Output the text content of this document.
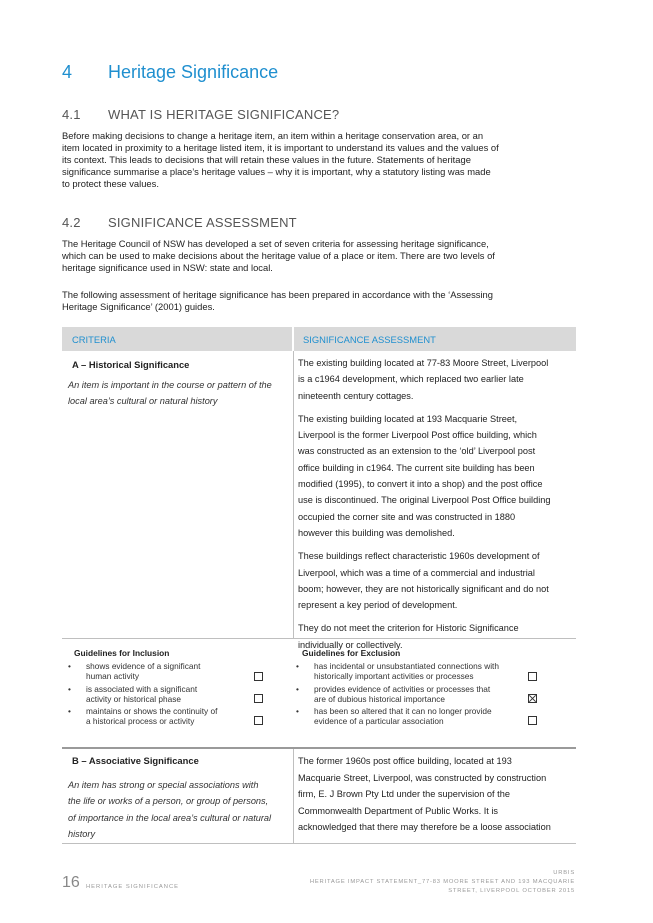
4 Heritage Significance
4.1 WHAT IS HERITAGE SIGNIFICANCE?
Before making decisions to change a heritage item, an item within a heritage conservation area, or an
item located in proximity to a heritage listed item, it is important to understand its values and the values of
its context. This leads to decisions that will retain these values in the future. Statements of heritage
significance summarise a place’s heritage values – why it is important, why a statutory listing was made
to protect these values.
4.2 SIGNIFICANCE ASSESSMENT
The Heritage Council of NSW has developed a set of seven criteria for assessing heritage significance,
which can be used to make decisions about the heritage value of a place or item. There are two levels of
heritage significance used in NSW: state and local.
The following assessment of heritage significance has been prepared in accordance with the ‘Assessing
Heritage Significance’ (2001) guides.
CRITERIA	SIGNIFICANCE ASSESSMENT
A – Historical Significance
An item is important in the course or pattern of the
local area’s cultural or natural history

The existing building located at 77-83 Moore Street, Liverpool
is a c1964 development, which replaced two earlier late
nineteenth century cottages.

The existing building located at 193 Macquarie Street,
Liverpool is the former Liverpool Post office building, which
was constructed as an extension to the ‘old’ Liverpool post
office building in c1964. The current site building has been
modified (1995), to convert it into a shop) and the post office
use is discontinued. The original Liverpool Post Office building
occupied the corner site and was constructed in 1880
however this building was demolished.

These buildings reflect characteristic 1960s development of
Liverpool, which was a time of a commercial and industrial
boom; however, they are not historically significant and do not
represent a key period of development.

They do not meet the criterion for Historic Significance
individually or collectively.

Guidelines for Inclusion
• shows evidence of a significant
human activity
• is associated with a significant
activity or historical phase
• maintains or shows the continuity of
a historical process or activity
Guidelines for Exclusion
• has incidental or unsubstantiated connections with
historically important activities or processes
• provides evidence of activities or processes that
are of dubious historical importance
• has been so altered that it can no longer provide
evidence of a particular association
B – Associative Significance
An item has strong or special associations with
the life or works of a person, or group of persons,
of importance in the local area’s cultural or natural
history
The former 1960s post office building, located at 193
Macquarie Street, Liverpool, was constructed by construction
firm, E. J Brown Pty Ltd under the supervision of the
Commonwealth Department of Public Works. It is
acknowledged that there may therefore be a loose association
16 HERITAGE SIGNIFICANCE
URBIS
HERITAGE IMPACT STATEMENT_77-83 MOORE STREET AND 193 MACQUARIE
STREET, LIVERPOOL OCTOBER 2015
